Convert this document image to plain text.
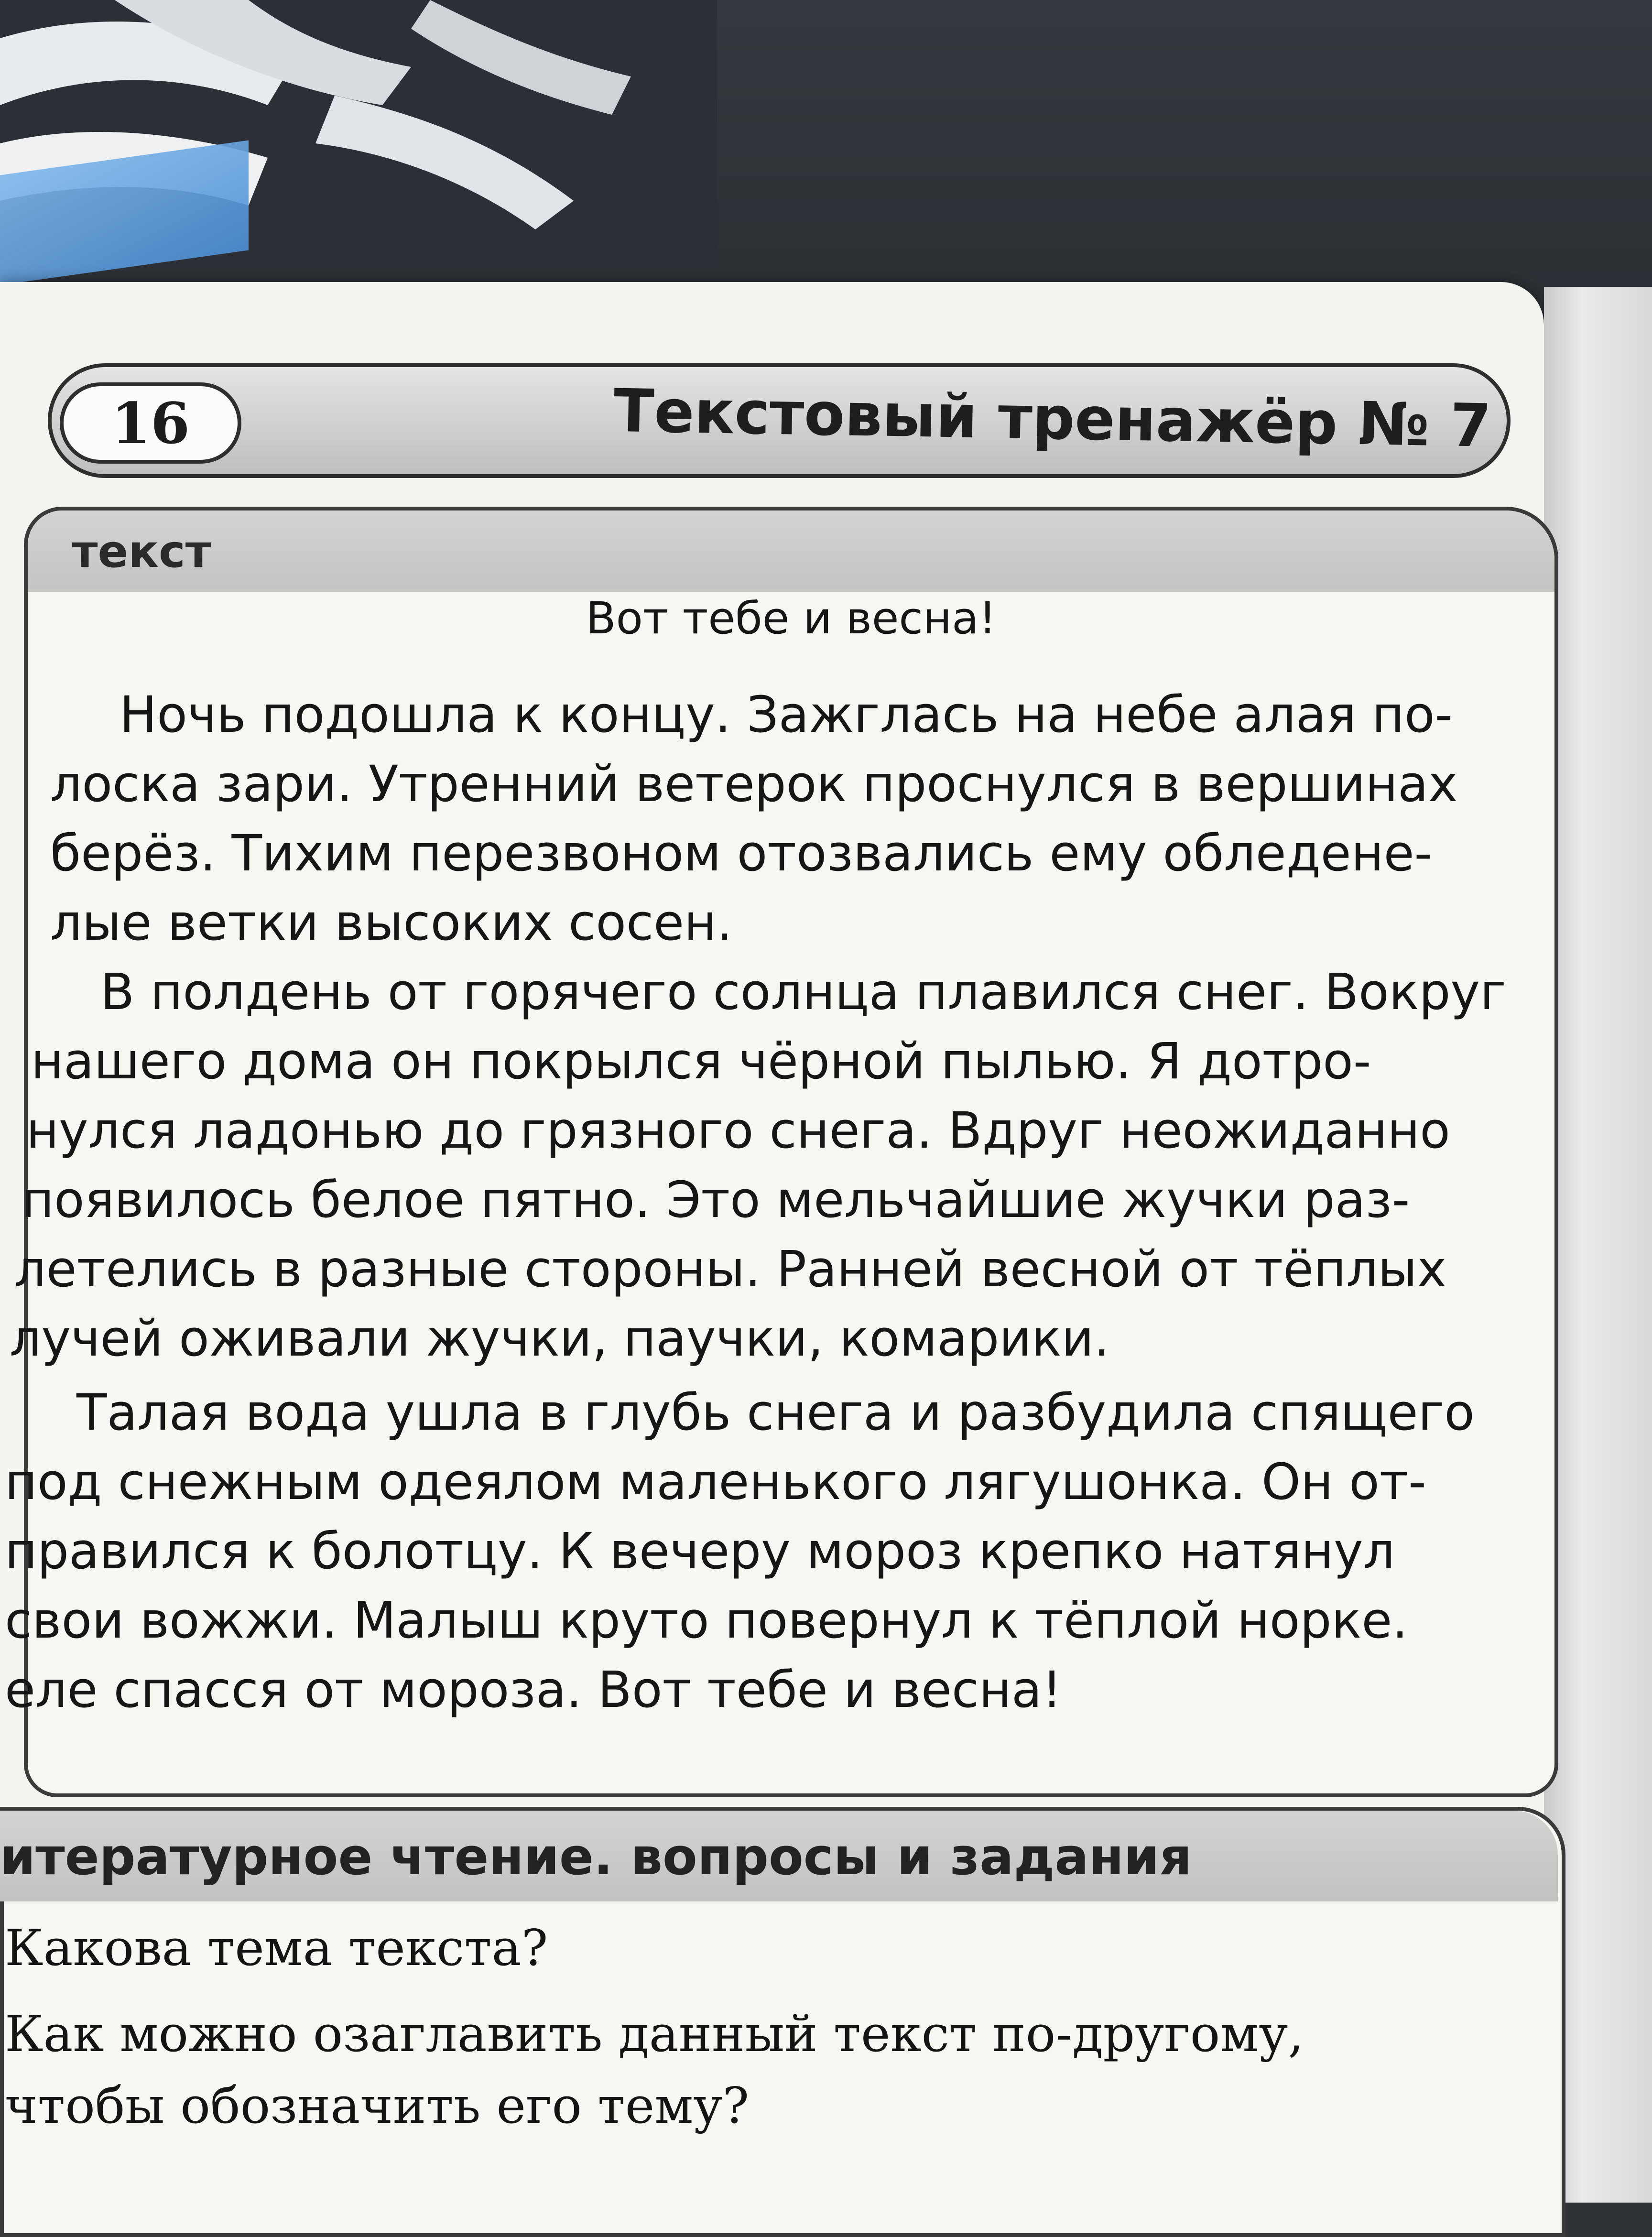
16	Текстовый тренажёр № 7
текст
Вот тебе и весна!
Ночь подошла к концу. Зажглась на небе алая по-
лоска зари. Утренний ветерок проснулся в вершинах
берёз. Тихим перезвоном отозвались ему обледене-
лые ветки высоких сосен.
В полдень от горячего солнца плавился снег. Вокруг
нашего дома он покрылся чёрной пылью. Я дотро-
нулся ладонью до грязного снега. Вдруг неожиданно
появилось белое пятно. Это мельчайшие жучки раз-
летелись в разные стороны. Ранней весной от тёплых
лучей оживали жучки, паучки, комарики.
Талая вода ушла в глубь снега и разбудила спящего
под снежным одеялом маленького лягушонка. Он от-
правился к болотцу. К вечеру мороз крепко натянул
свои вожжи. Малыш круто повернул к тёплой норке.
еле спасся от мороза. Вот тебе и весна!
итературное чтение. вопросы и задания
Какова тема текста?
Как можно озаглавить данный текст по-другому,
чтобы обозначить его тему?
